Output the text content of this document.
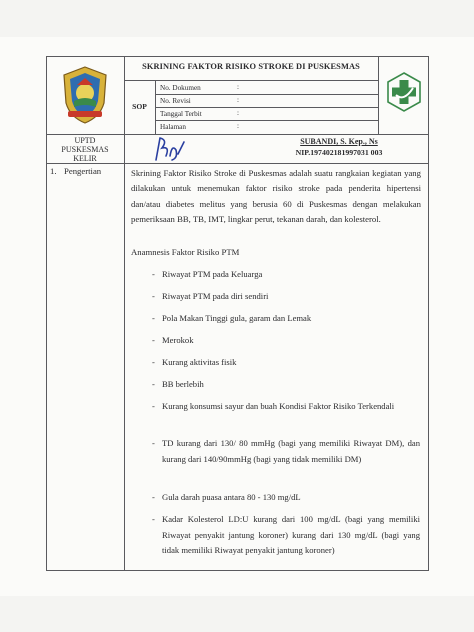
SKRINING FAKTOR RISIKO STROKE DI PUSKESMAS
SOP
No. Dokumen	:
No. Revisi	:
Tanggal Terbit	:
Halaman	:
UPTD
PUSKESMAS
KELIR
SUBANDI, S. Kep., Ns
NIP.197402181997031 003
1. Pengertian	Skrining Faktor Risiko Stroke di Puskesmas adalah suatu rangkaian kegiatan yang dilakukan untuk menemukan faktor risiko stroke pada penderita hipertensi dan/atau diabetes melitus yang berusia 60 di Puskesmas dengan melakukan pemeriksaan BB, TB, IMT, lingkar perut, tekanan darah, dan kolesterol.
Anamnesis Faktor Risiko PTM
- Riwayat PTM pada Keluarga
- Riwayat PTM pada diri sendiri
- Pola Makan Tinggi gula, garam dan Lemak
- Merokok
- Kurang aktivitas fisik
- BB berlebih
- Kurang konsumsi sayur dan buah Kondisi Faktor Risiko Terkendali
- TD kurang dari 130/ 80 mmHg (bagi yang memiliki Riwayat DM), dan kurang dari 140/90mmHg (bagi yang tidak memiliki DM)
- Gula darah puasa antara 80 - 130 mg/dL
- Kadar Kolesterol LD:U kurang dari 100 mg/dL (bagi yang memiliki Riwayat penyakit jantung koroner) kurang dari 130 mg/dL (bagi yang tidak memiliki Riwayat penyakit jantung koroner)
